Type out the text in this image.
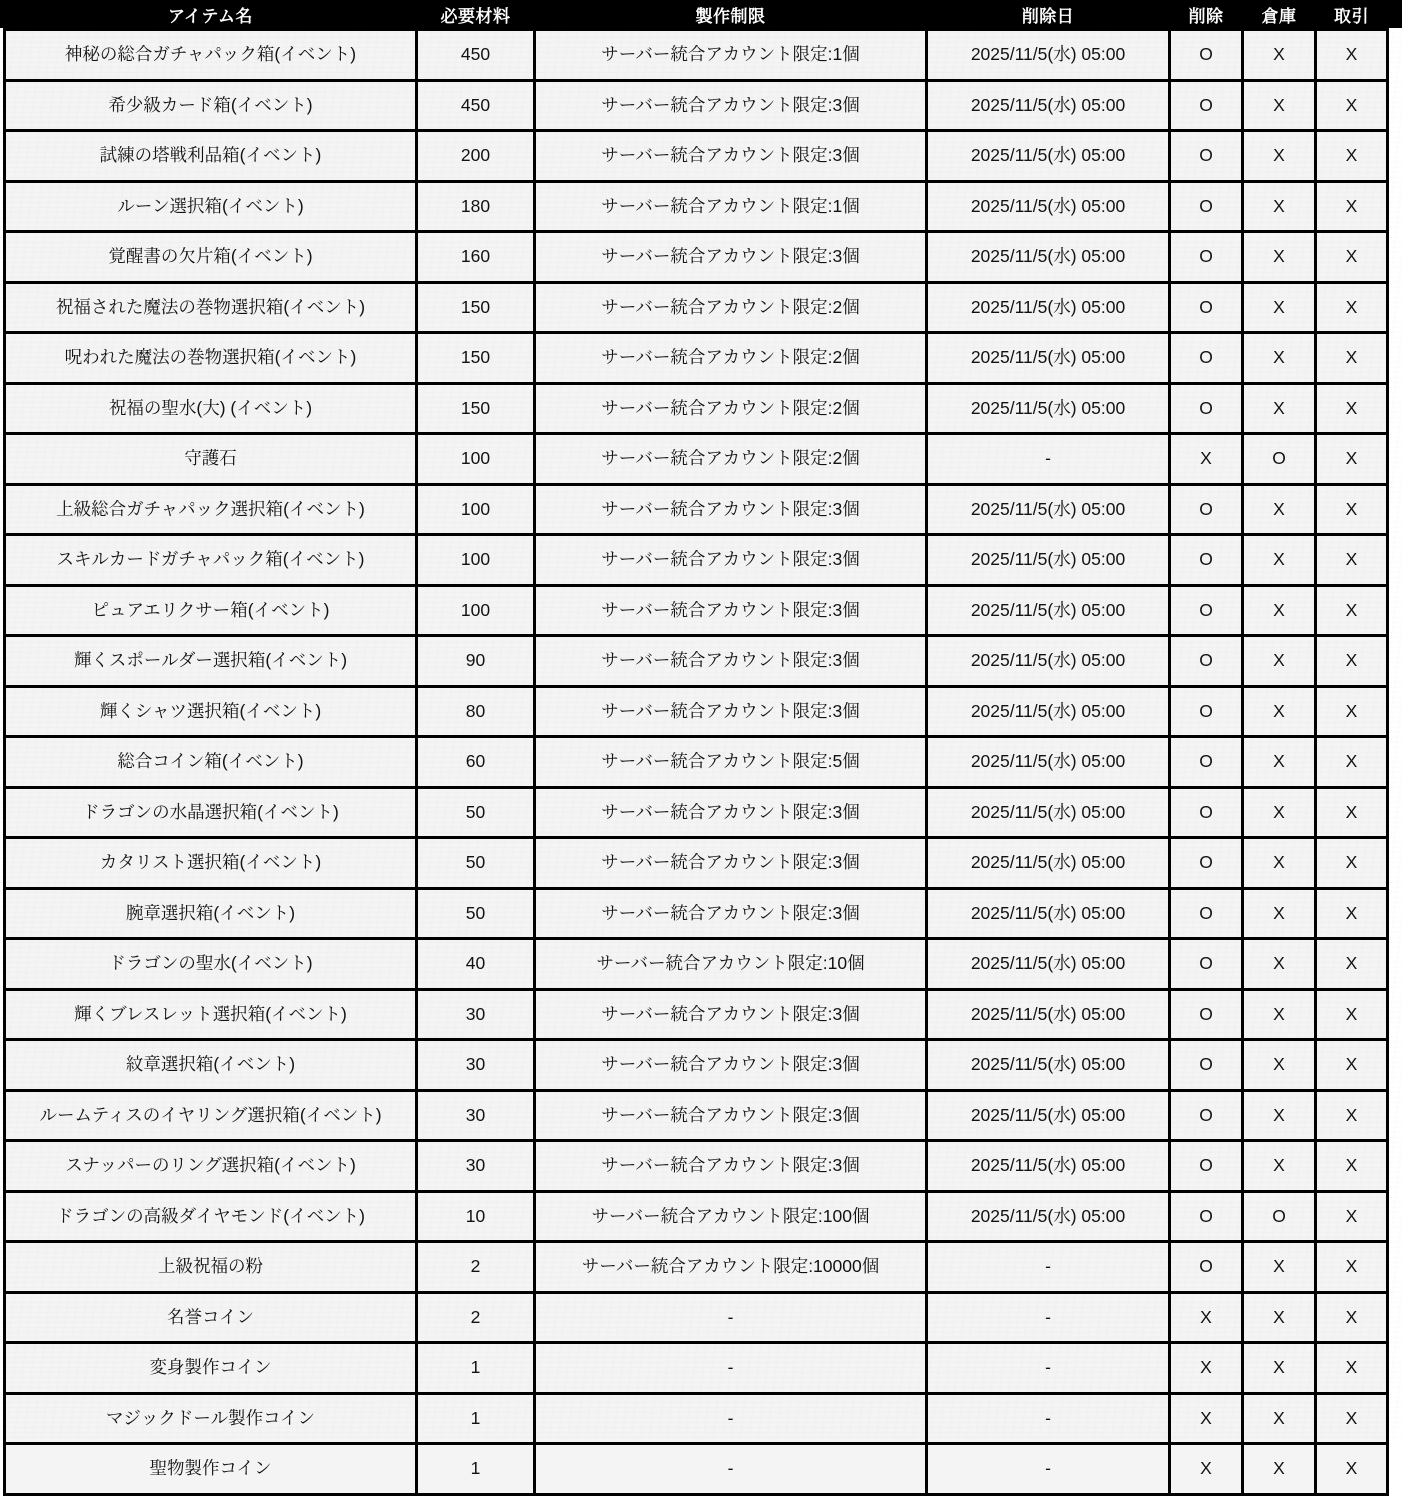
アイテム名	必要材料	製作制限	削除日	削除	倉庫	取引
神秘の総合ガチャパック箱(イベント)	450	サーバー統合アカウント限定:1個	2025/11/5(水) 05:00	O	X	X
希少級カード箱(イベント)	450	サーバー統合アカウント限定:3個	2025/11/5(水) 05:00	O	X	X
試練の塔戦利品箱(イベント)	200	サーバー統合アカウント限定:3個	2025/11/5(水) 05:00	O	X	X
ルーン選択箱(イベント)	180	サーバー統合アカウント限定:1個	2025/11/5(水) 05:00	O	X	X
覚醒書の欠片箱(イベント)	160	サーバー統合アカウント限定:3個	2025/11/5(水) 05:00	O	X	X
祝福された魔法の巻物選択箱(イベント)	150	サーバー統合アカウント限定:2個	2025/11/5(水) 05:00	O	X	X
呪われた魔法の巻物選択箱(イベント)	150	サーバー統合アカウント限定:2個	2025/11/5(水) 05:00	O	X	X
祝福の聖水(大) (イベント)	150	サーバー統合アカウント限定:2個	2025/11/5(水) 05:00	O	X	X
守護石	100	サーバー統合アカウント限定:2個	-	X	O	X
上級総合ガチャパック選択箱(イベント)	100	サーバー統合アカウント限定:3個	2025/11/5(水) 05:00	O	X	X
スキルカードガチャパック箱(イベント)	100	サーバー統合アカウント限定:3個	2025/11/5(水) 05:00	O	X	X
ピュアエリクサー箱(イベント)	100	サーバー統合アカウント限定:3個	2025/11/5(水) 05:00	O	X	X
輝くスポールダー選択箱(イベント)	90	サーバー統合アカウント限定:3個	2025/11/5(水) 05:00	O	X	X
輝くシャツ選択箱(イベント)	80	サーバー統合アカウント限定:3個	2025/11/5(水) 05:00	O	X	X
総合コイン箱(イベント)	60	サーバー統合アカウント限定:5個	2025/11/5(水) 05:00	O	X	X
ドラゴンの水晶選択箱(イベント)	50	サーバー統合アカウント限定:3個	2025/11/5(水) 05:00	O	X	X
カタリスト選択箱(イベント)	50	サーバー統合アカウント限定:3個	2025/11/5(水) 05:00	O	X	X
腕章選択箱(イベント)	50	サーバー統合アカウント限定:3個	2025/11/5(水) 05:00	O	X	X
ドラゴンの聖水(イベント)	40	サーバー統合アカウント限定:10個	2025/11/5(水) 05:00	O	X	X
輝くブレスレット選択箱(イベント)	30	サーバー統合アカウント限定:3個	2025/11/5(水) 05:00	O	X	X
紋章選択箱(イベント)	30	サーバー統合アカウント限定:3個	2025/11/5(水) 05:00	O	X	X
ルームティスのイヤリング選択箱(イベント)	30	サーバー統合アカウント限定:3個	2025/11/5(水) 05:00	O	X	X
スナッパーのリング選択箱(イベント)	30	サーバー統合アカウント限定:3個	2025/11/5(水) 05:00	O	X	X
ドラゴンの高級ダイヤモンド(イベント)	10	サーバー統合アカウント限定:100個	2025/11/5(水) 05:00	O	O	X
上級祝福の粉	2	サーバー統合アカウント限定:10000個	-	O	X	X
名誉コイン	2	-	-	X	X	X
変身製作コイン	1	-	-	X	X	X
マジックドール製作コイン	1	-	-	X	X	X
聖物製作コイン	1	-	-	X	X	X
